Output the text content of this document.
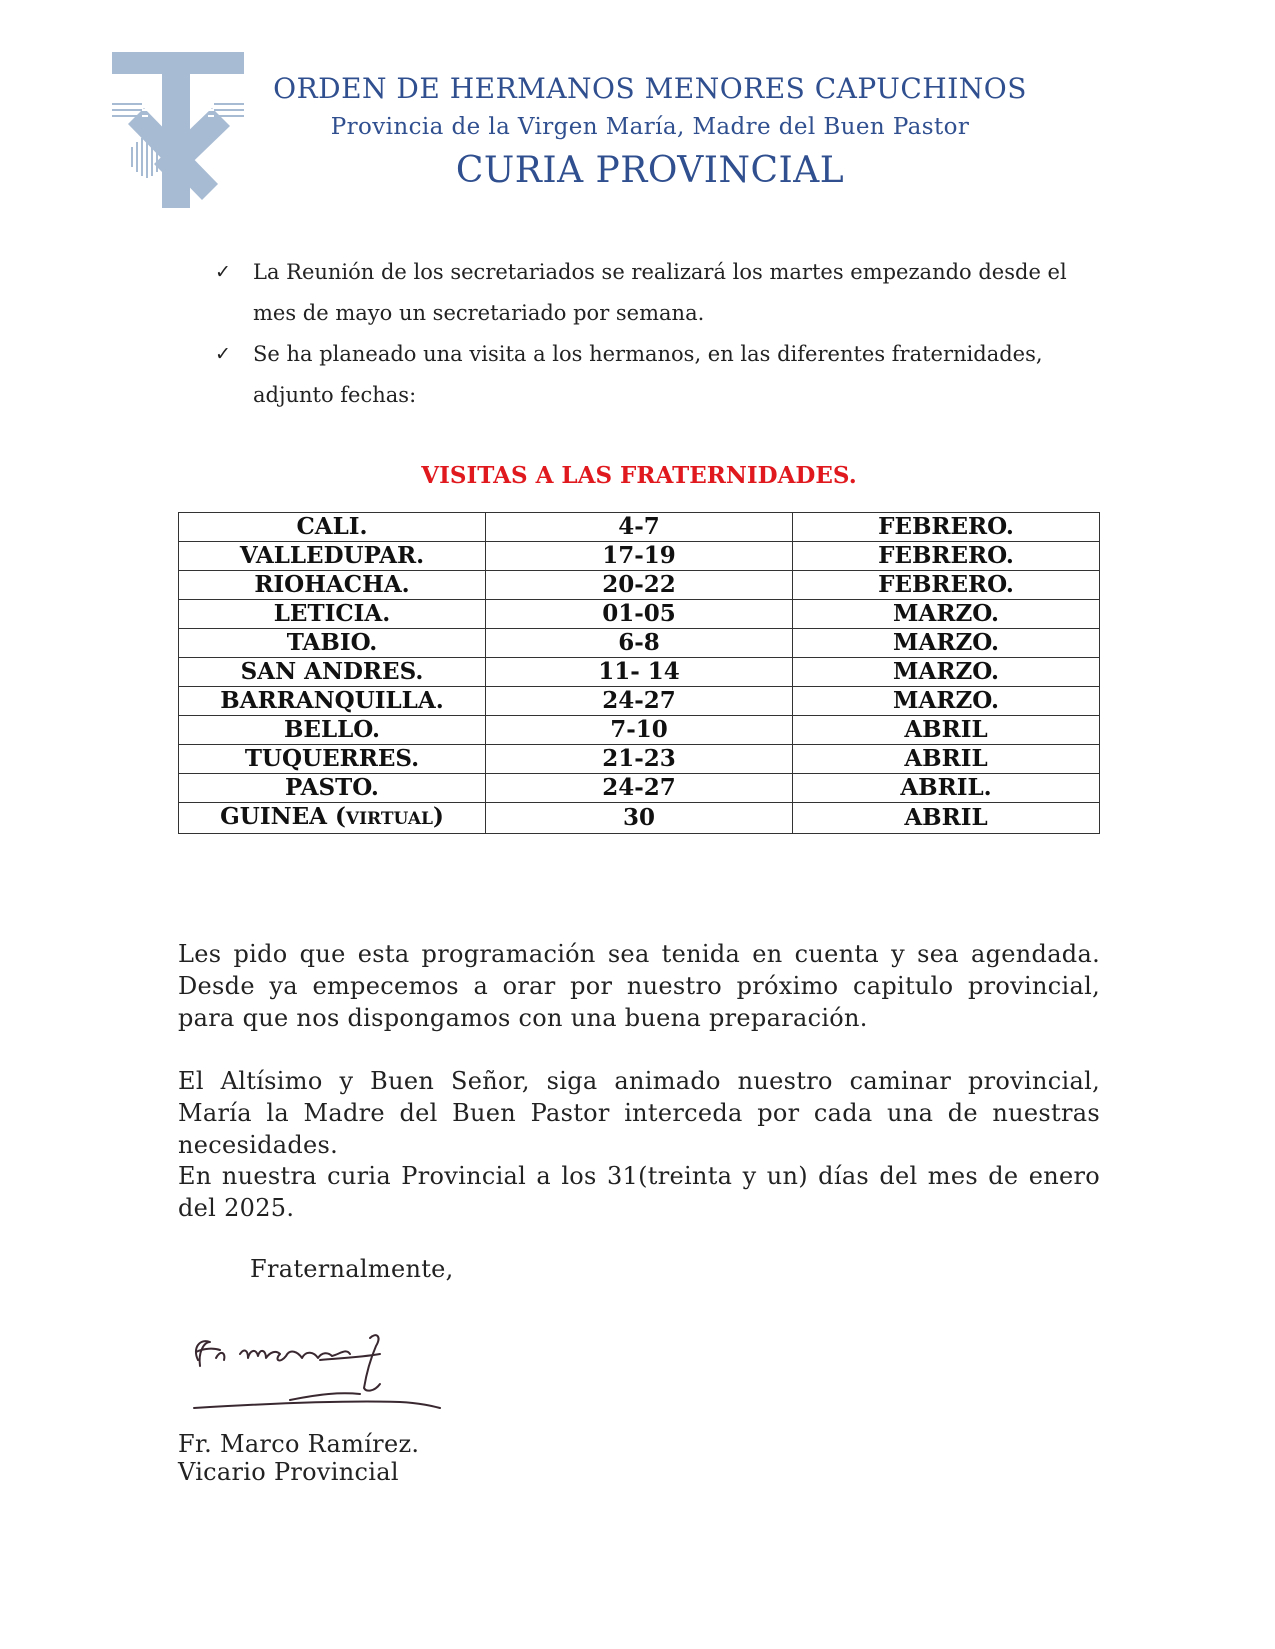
ORDEN DE HERMANOS MENORES CAPUCHINOS
Provincia de la Virgen María, Madre del Buen Pastor
CURIA PROVINCIAL
✓ La Reunión de los secretariados se realizará los martes empezando desde el mes de mayo un secretariado por semana.
✓ Se ha planeado una visita a los hermanos, en las diferentes fraternidades, adjunto fechas:
VISITAS A LAS FRATERNIDADES.
CALI.	4-7	FEBRERO.
VALLEDUPAR.	17-19	FEBRERO.
RIOHACHA.	20-22	FEBRERO.
LETICIA.	01-05	MARZO.
TABIO.	6-8	MARZO.
SAN ANDRES.	11- 14	MARZO.
BARRANQUILLA.	24-27	MARZO.
BELLO.	7-10	ABRIL
TUQUERRES.	21-23	ABRIL
PASTO.	24-27	ABRIL.
GUINEA (VIRTUAL)	30	ABRIL

Les pido que esta programación sea tenida en cuenta y sea agendada. Desde ya empecemos a orar por nuestro próximo capitulo provincial, para que nos dispongamos con una buena preparación.

El Altísimo y Buen Señor, siga animado nuestro caminar provincial, María la Madre del Buen Pastor interceda por cada una de nuestras necesidades.

En nuestra curia Provincial a los 31(treinta y un) días del mes de enero del 2025.

Fraternalmente,
Fr. Marco Ramírez.
Vicario Provincial
